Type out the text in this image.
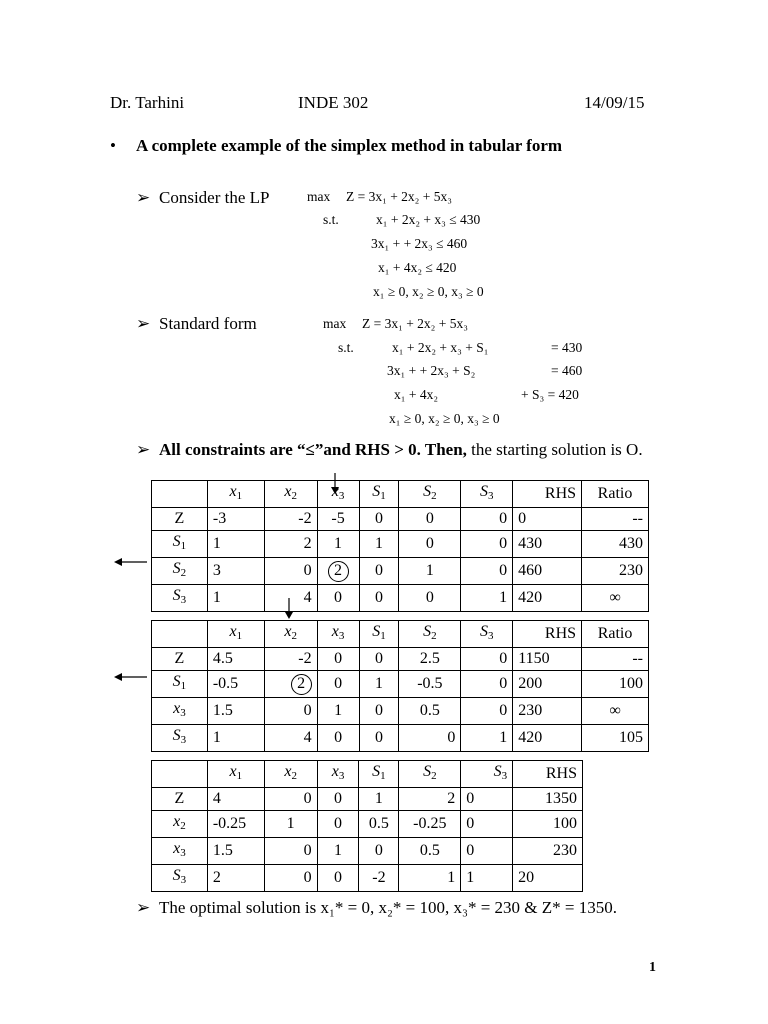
Dr. Tarhini	INDE 302	14/09/15
• A complete example of the simplex method in tabular form
➢ Consider the LP	max Z = 3x₁ + 2x₂ + 5x₃
s.t.	x₁ + 2x₂ + x₃ ≤ 430
3x₁ + + 2x₃ ≤ 460
x₁ + 4x₂ ≤ 420
x₁ ≥ 0, x₂ ≥ 0, x₃ ≥ 0
➢ Standard form	max Z = 3x₁ + 2x₂ + 5x₃
s.t.	x₁ + 2x₂ + x₃ + S₁	= 430
3x₁ + + 2x₃ + S₂	= 460
x₁ + 4x₂	+ S₃ = 420
x₁ ≥ 0, x₂ ≥ 0, x₃ ≥ 0
➢ All constraints are “≤”and RHS > 0. Then, the starting solution is O.
	$x_1$	$x_2$	$x_3$	$S_1$	$S_2$	$S_3$	RHS	Ratio
Z	-3	-2	-5	0	0	0	0	--
$S_1$	1	2	1	1	0	0	430	430
$S_2$	3	0	2	0	1	0	460	230
$S_3$	1	4	0	0	0	1	420	∞
	$x_1$	$x_2$	$x_3$	$S_1$	$S_2$	$S_3$	RHS	Ratio
Z	4.5	-2	0	0	2.5	0	1150	--
$S_1$	-0.5	2	0	1	-0.5	0	200	100
$x_3$	1.5	0	1	0	0.5	0	230	∞
$S_3$	1	4	0	0	0	1	420	105
	$x_1$	$x_2$	$x_3$	$S_1$	$S_2$	$S_3$	RHS
Z	4	0	0	1	2	0	1350
$x_2$	-0.25	1	0	0.5	-0.25	0	100
$x_3$	1.5	0	1	0	0.5	0	230
$S_3$	2	0	0	-2	1	1	20
➢ The optimal solution is x₁* = 0, x₂* = 100, x₃* = 230 & Z* = 1350.
1
